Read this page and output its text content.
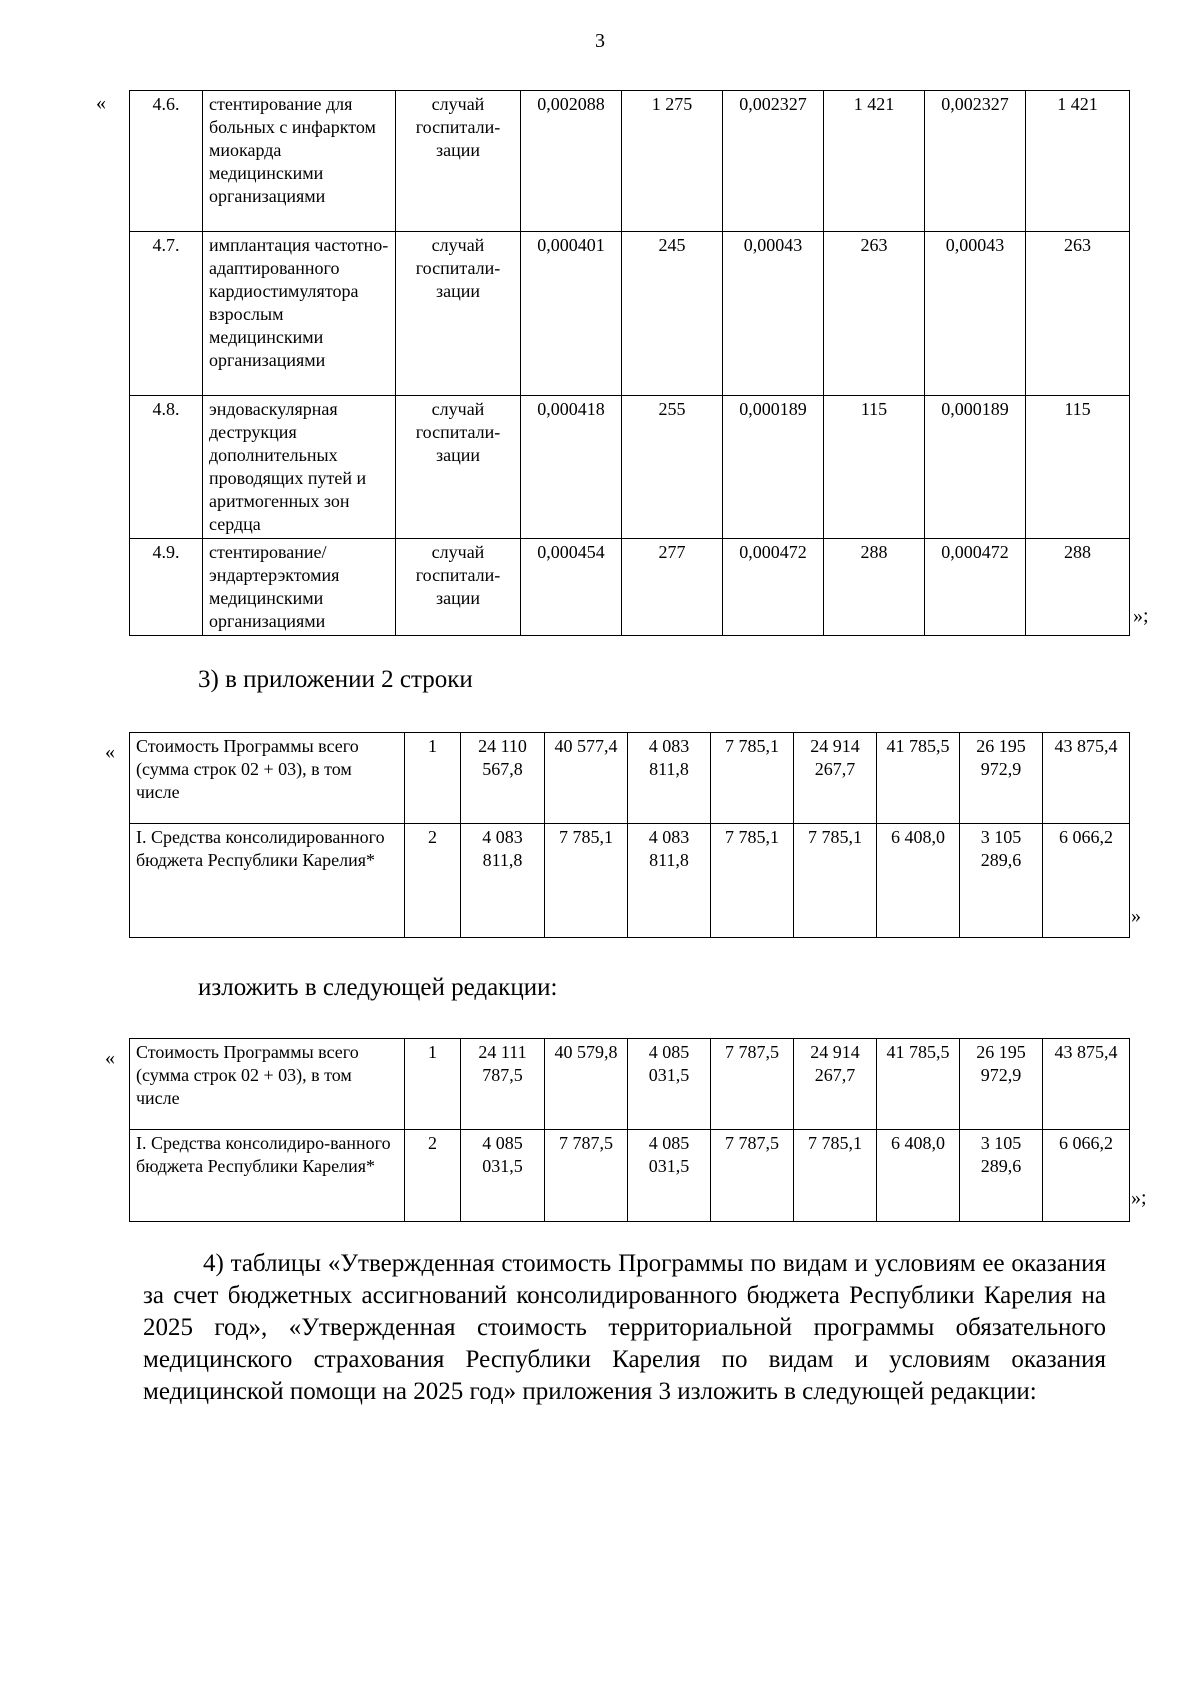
3
«	4.6.	стентирование для больных с инфарктом миокарда медицинскими организациями	случай госпитали-зации	0,002088	1 275	0,002327	1 421	0,002327	1 421
4.7.	имплантация частотно-адаптированного кардиостимулятора взрослым медицинскими организациями	случай госпитали-зации	0,000401	245	0,00043	263	0,00043	263
4.8.	эндоваскулярная деструкция дополнительных проводящих путей и аритмогенных зон сердца	случай госпитали-зации	0,000418	255	0,000189	115	0,000189	115
4.9.	стентирование/ эндартерэктомия медицинскими организациями	случай госпитали-зации	0,000454	277	0,000472	288	0,000472	288
»;
3) в приложении 2 строки
« Стоимость Программы всего (сумма строк 02 + 03), в том числе	1	24 110 567,8	40 577,4	4 083 811,8	7 785,1	24 914 267,7	41 785,5	26 195 972,9	43 875,4
I. Средства консолидированного бюджета Республики Карелия*	2	4 083 811,8	7 785,1	4 083 811,8	7 785,1	7 785,1	6 408,0	3 105 289,6	6 066,2
»
изложить в следующей редакции:
« Стоимость Программы всего (сумма строк 02 + 03), в том числе	1	24 111 787,5	40 579,8	4 085 031,5	7 787,5	24 914 267,7	41 785,5	26 195 972,9	43 875,4
I. Средства консолидиро-ванного бюджета Республики Карелия*	2	4 085 031,5	7 787,5	4 085 031,5	7 787,5	7 785,1	6 408,0	3 105 289,6	6 066,2
»;
4) таблицы «Утвержденная стоимость Программы по видам и условиям ее оказания за счет бюджетных ассигнований консолидированного бюджета Республики Карелия на 2025 год», «Утвержденная стоимость территориальной программы обязательного медицинского страхования Республики Карелия по видам и условиям оказания медицинской помощи на 2025 год» приложения 3 изложить в следующей редакции:
